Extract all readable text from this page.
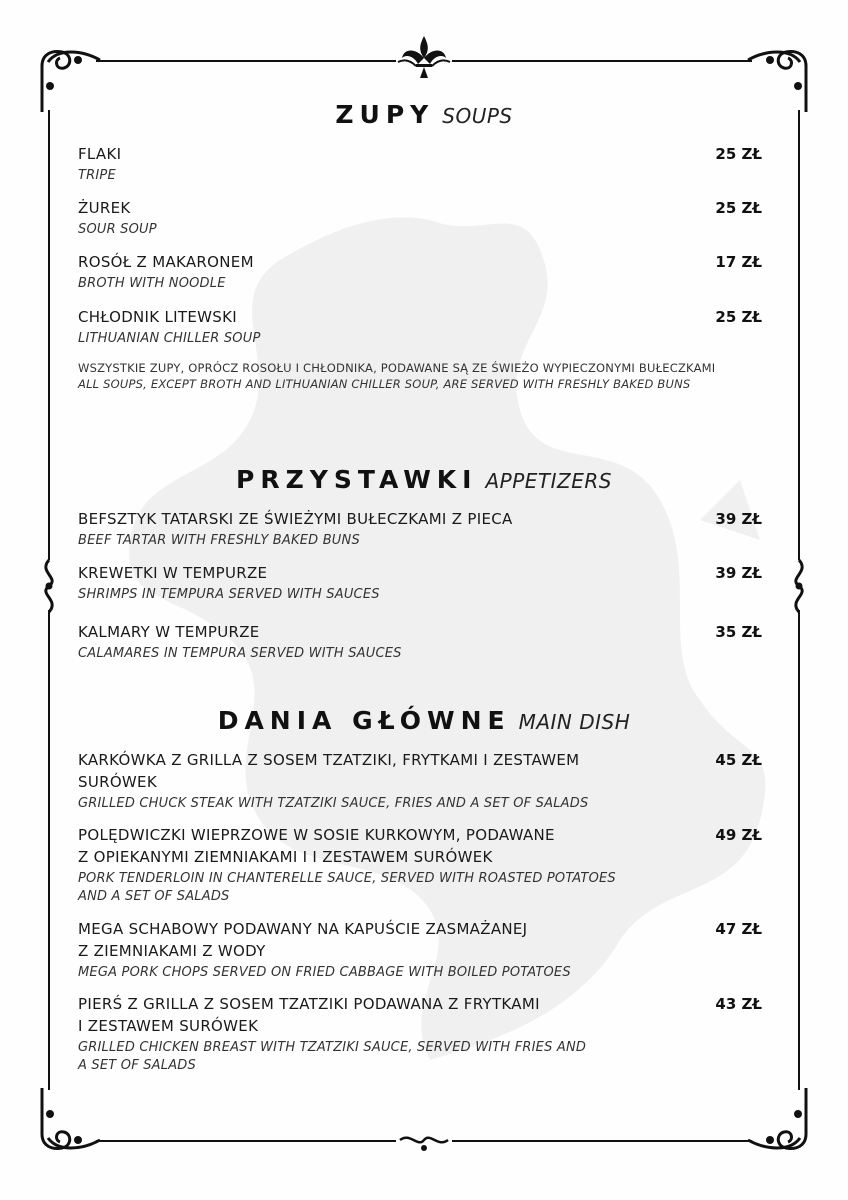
ZUPY SOUPS
FLAKI
TRIPE
25 ZŁ
ŻUREK
SOUR SOUP
25 ZŁ
ROSÓŁ Z MAKARONEM
BROTH WITH NOODLE
17 ZŁ
CHŁODNIK LITEWSKI
LITHUANIAN CHILLER SOUP
25 ZŁ
WSZYSTKIE ZUPY, OPRÓCZ ROSOŁU I CHŁODNIKA, PODAWANE SĄ ZE ŚWIEŻO WYPIECZONYMI BUŁECZKAMI
ALL SOUPS, EXCEPT BROTH AND LITHUANIAN CHILLER SOUP, ARE SERVED WITH FRESHLY BAKED BUNS
PRZYSTAWKI APPETIZERS
BEFSZTYK TATARSKI ZE ŚWIEŻYMI BUŁECZKAMI Z PIECA
BEEF TARTAR WITH FRESHLY BAKED BUNS
39 ZŁ
KREWETKI W TEMPURZE
SHRIMPS IN TEMPURA SERVED WITH SAUCES
39 ZŁ
KALMARY W TEMPURZE
CALAMARES IN TEMPURA SERVED WITH SAUCES
35 ZŁ
DANIA GŁÓWNE MAIN DISH
KARKÓWKA Z GRILLA Z SOSEM TZATZIKI, FRYTKAMI I ZESTAWEM
SURÓWEK
GRILLED CHUCK STEAK WITH TZATZIKI SAUCE, FRIES AND A SET OF SALADS
45 ZŁ
POLĘDWICZKI WIEPRZOWE W SOSIE KURKOWYM, PODAWANE
Z OPIEKANYMI ZIEMNIAKAMI I I ZESTAWEM SURÓWEK
PORK TENDERLOIN IN CHANTERELLE SAUCE, SERVED WITH ROASTED POTATOES
AND A SET OF SALADS
49 ZŁ
MEGA SCHABOWY PODAWANY NA KAPUŚCIE ZASMAŻANEJ
Z ZIEMNIAKAMI Z WODY
MEGA PORK CHOPS SERVED ON FRIED CABBAGE WITH BOILED POTATOES
47 ZŁ
PIERŚ Z GRILLA Z SOSEM TZATZIKI PODAWANA Z FRYTKAMI
I ZESTAWEM SURÓWEK
GRILLED CHICKEN BREAST WITH TZATZIKI SAUCE, SERVED WITH FRIES AND
A SET OF SALADS
43 ZŁ
